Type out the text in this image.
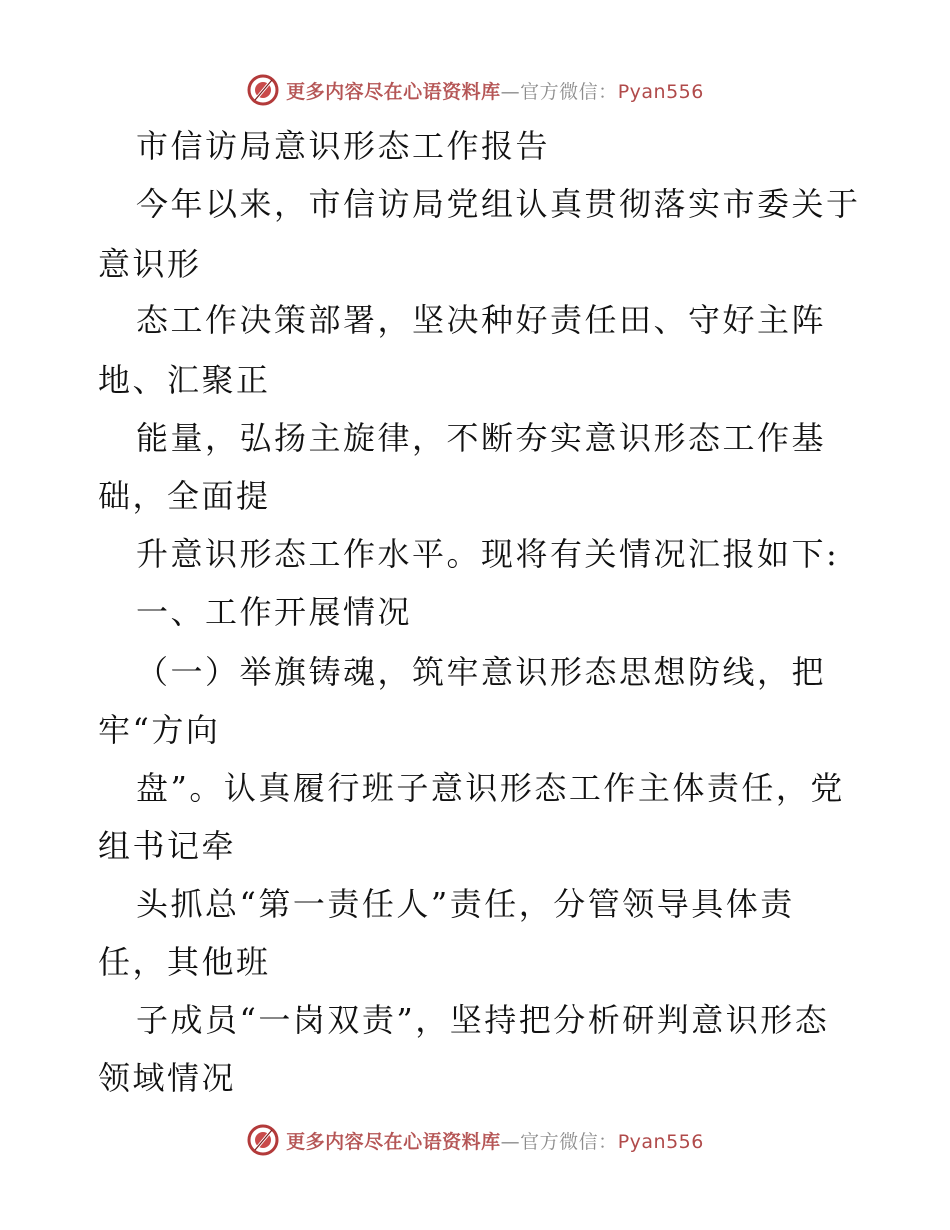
更多内容尽在心语资料库—官方微信：Pyan556
市信访局意识形态工作报告
今年以来，市信访局党组认真贯彻落实市委关于
意识形
态工作决策部署，坚决种好责任田、守好主阵
地、汇聚正
能量，弘扬主旋律，不断夯实意识形态工作基
础，全面提
升意识形态工作水平。现将有关情况汇报如下:
一、工作开展情况
（一）举旗铸魂，筑牢意识形态思想防线，把
牢“方向
盘”。认真履行班子意识形态工作主体责任，党
组书记牵
头抓总“第一责任人”责任，分管领导具体责
任，其他班
子成员“一岗双责”，坚持把分析研判意识形态
领域情况
更多内容尽在心语资料库—官方微信：Pyan556
